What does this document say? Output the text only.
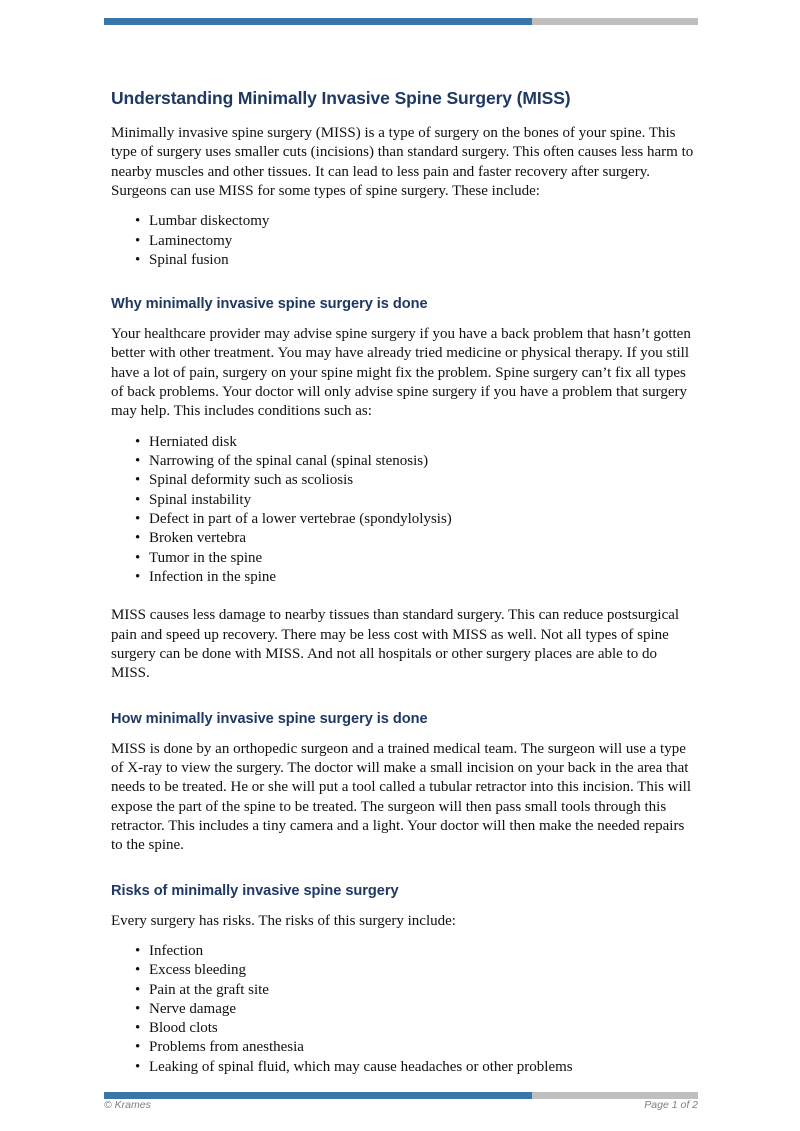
Understanding Minimally Invasive Spine Surgery (MISS)

Minimally invasive spine surgery (MISS) is a type of surgery on the bones of your spine. This type of surgery uses smaller cuts (incisions) than standard surgery. This often causes less harm to nearby muscles and other tissues. It can lead to less pain and faster recovery after surgery. Surgeons can use MISS for some types of spine surgery. These include:

• Lumbar diskectomy
• Laminectomy
• Spinal fusion
Why minimally invasive spine surgery is done

Your healthcare provider may advise spine surgery if you have a back problem that hasn’t gotten better with other treatment. You may have already tried medicine or physical therapy. If you still have a lot of pain, surgery on your spine might fix the problem. Spine surgery can’t fix all types of back problems. Your doctor will only advise spine surgery if you have a problem that surgery may help. This includes conditions such as:

• Herniated disk
• Narrowing of the spinal canal (spinal stenosis)
• Spinal deformity such as scoliosis
• Spinal instability
• Defect in part of a lower vertebrae (spondylolysis)
• Broken vertebra
• Tumor in the spine
• Infection in the spine

MISS causes less damage to nearby tissues than standard surgery. This can reduce postsurgical pain and speed up recovery. There may be less cost with MISS as well. Not all types of spine surgery can be done with MISS. And not all hospitals or other surgery places are able to do MISS.

How minimally invasive spine surgery is done

MISS is done by an orthopedic surgeon and a trained medical team. The surgeon will use a type of X-ray to view the surgery. The doctor will make a small incision on your back in the area that needs to be treated. He or she will put a tool called a tubular retractor into this incision. This will expose the part of the spine to be treated. The surgeon will then pass small tools through this retractor. This includes a tiny camera and a light. Your doctor will then make the needed repairs to the spine.

Risks of minimally invasive spine surgery

Every surgery has risks. The risks of this surgery include:

• Infection
• Excess bleeding
• Pain at the graft site
• Nerve damage
• Blood clots
• Problems from anesthesia
• Leaking of spinal fluid, which may cause headaches or other problems
© Krames	Page 1 of 2
